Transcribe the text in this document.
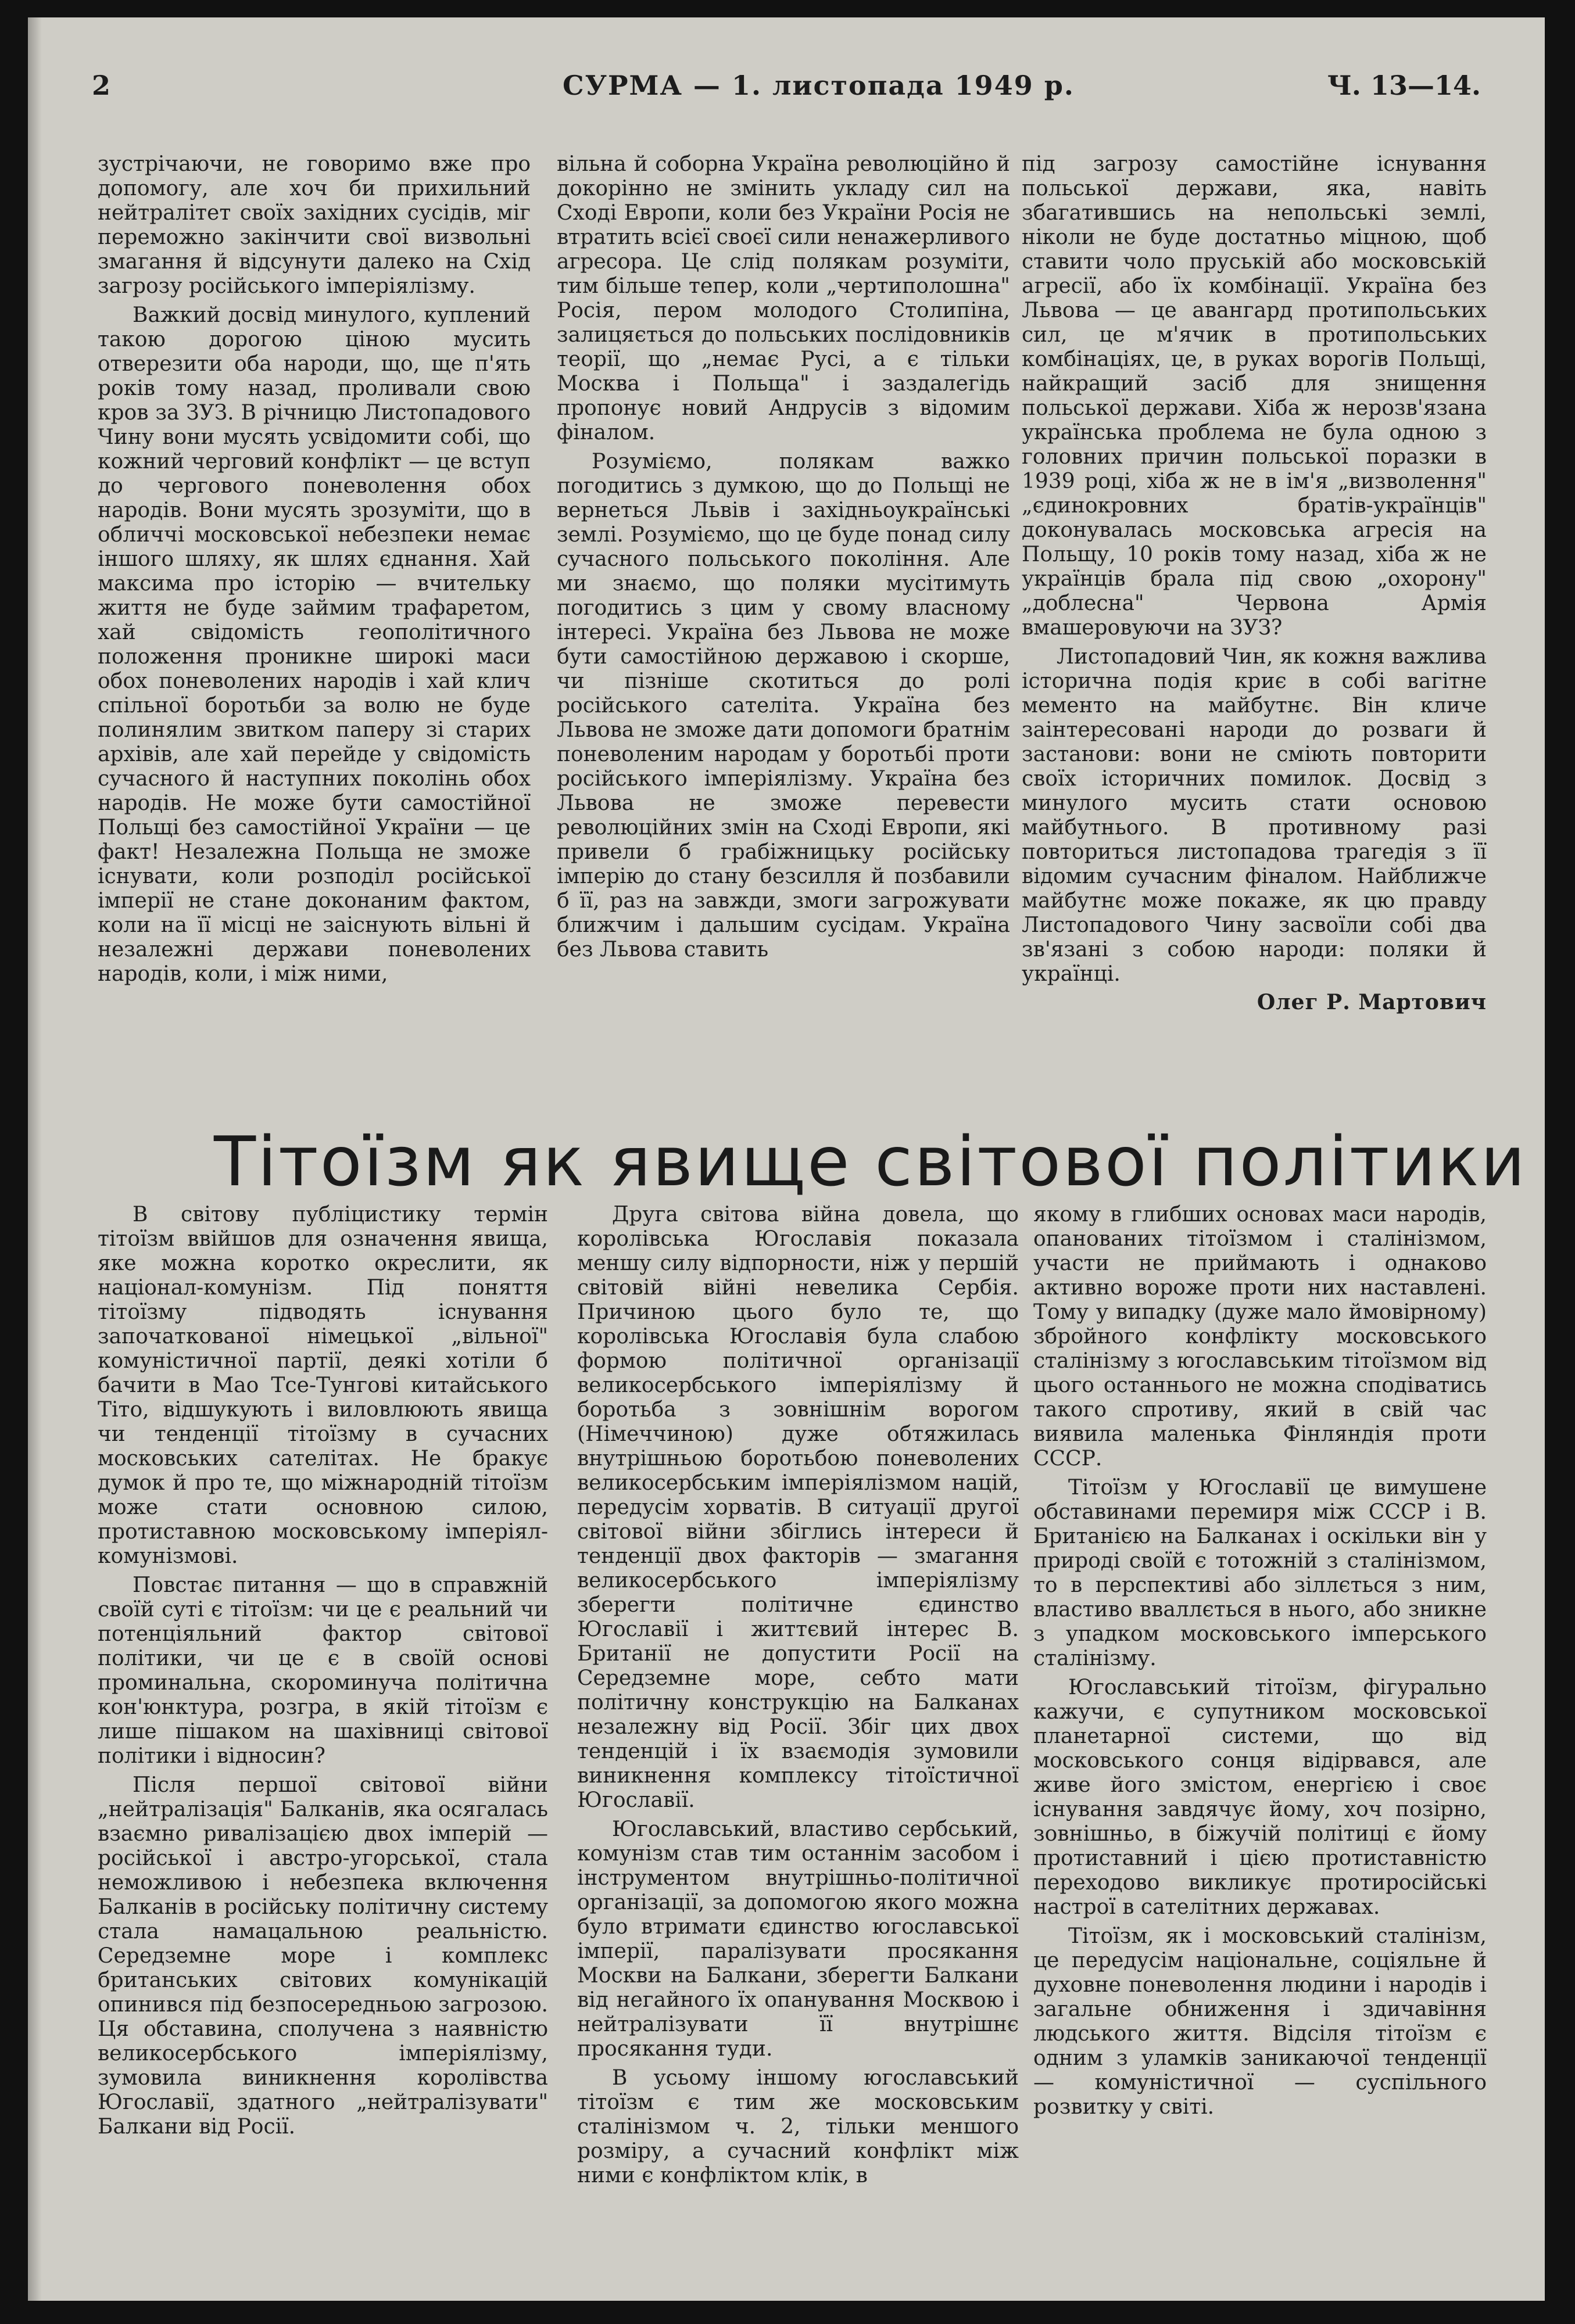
2	СУРМА — 1. листопада 1949 р.	Ч. 13—14.

зустрічаючи, не говоримо вже про допомогу, але хоч би прихильний нейтралітет своїх західних сусідів, міг переможно закінчити свої визвольні змагання й відсунути далеко на Схід загрозу російського імперіялізму.

Важкий досвід минулого, куплений такою дорогою ціною мусить отверезити оба народи, що, ще п'ять років тому назад, проливали свою кров за ЗУЗ. В річницю Листопадового Чину вони мусять усвідомити собі, що кожний черговий конфлікт — це вступ до чергового поневолення обох народів. Вони мусять зрозуміти, що в обличчі московської небезпеки немає іншого шляху, як шлях єднання. Хай максима про історію — вчительку життя не буде займим трафаретом, хай свідомість геополітичного положення проникне широкі маси обох поневолених народів і хай клич спільної боротьби за волю не буде полинялим звитком паперу зі старих архівів, але хай перейде у свідомість сучасного й наступних поколінь обох народів. Не може бути самостійної Польщі без самостійної України — це факт! Незалежна Польща не зможе існувати, коли розподіл російської імперії не стане доконаним фактом, коли на її місці не заіснують вільні й незалежні держави поневолених народів, коли, і між ними,

вільна й соборна Україна революційно й докорінно не змінить укладу сил на Сході Европи, коли без України Росія не втратить всієї своєї сили ненажерливого агресора. Це слід полякам розуміти, тим більше тепер, коли „чертиполошна" Росія, пером молодого Столипіна, залицяється до польських послідовників теорії, що „немає Русі, а є тільки Москва і Польща" і заздалегідь пропонує новий Андрусів з відомим фіналом.

Розуміємо, полякам важко погодитись з думкою, що до Польщі не вернеться Львів і західньоукраїнські землі. Розуміємо, що це буде понад силу сучасного польського покоління. Але ми знаємо, що поляки мусітимуть погодитись з цим у свому власному інтересі. Україна без Львова не може бути самостійною державою і скорше, чи пізніше скотиться до ролі російського сателіта. Україна без Львова не зможе дати допомоги братнім поневоленим народам у боротьбі проти російського імперіялізму. Україна без Львова не зможе перевести революційних змін на Сході Европи, які привели б грабіжницьку російську імперію до стану безсилля й позбавили б її, раз на завжди, змоги загрожувати ближчим і дальшим сусідам. Україна без Львова ставить

під загрозу самостійне існування польської держави, яка, навіть збагатившись на непольські землі, ніколи не буде достатньо міцною, щоб ставити чоло пруській або московській агресії, або їх комбінації. Україна без Львова — це авангард протипольських сил, це м'ячик в протипольських комбінаціях, це, в руках ворогів Польщі, найкращий засіб для знищення польської держави. Хіба ж нерозв'язана українська проблема не була одною з головних причин польської поразки в 1939 році, хіба ж не в ім'я „визволення" „єдинокровних братів-українців" доконувалась московська агресія на Польщу, 10 років тому назад, хіба ж не українців брала під свою „охорону" „доблесна" Червона Армія вмашеровуючи на ЗУЗ?

Листопадовий Чин, як кожня важлива історична подія криє в собі вагітне мементо на майбутнє. Він кличе заінтересовані народи до розваги й застанови: вони не сміють повторити своїх історичних помилок. Досвід з минулого мусить стати основою майбутнього. В противному разі повториться листопадова трагедія з її відомим сучасним фіналом. Найближче майбутнє може покаже, як цю правду Листопадового Чину засвоїли собі два зв'язані з собою народи: поляки й українці.

Олег Р. Мартович
Тітоїзм як явище світової політики

В світову публіцистику термін тітоїзм ввійшов для означення явища, яке можна коротко окреслити, як націонал-комунізм. Під поняття тітоїзму підводять існування започаткованої німецької „вільної" комуністичної партії, деякі хотіли б бачити в Мао Тсе-Тунгові китайського Тіто, відшукують і виловлюють явища чи тенденції тітоїзму в сучасних московських сателітах. Не бракує думок й про те, що міжнародній тітоїзм може стати основною силою, протиставною московському імперіял-комунізмові.

Повстає питання — що в справжній своїй суті є тітоїзм: чи це є реальний чи потенціяльний фактор світової політики, чи це є в своїй основі проминальна, скороминуча політична кон'юнктура, розгра, в якій тітоїзм є лише пішаком на шахівниці світової політики і відносин?

Після першої світової війни „нейтралізація" Балканів, яка осягалась взаємно ривалізацією двох імперій — російської і австро-угорської, стала неможливою і небезпека включення Балканів в російську політичну систему стала намацальною реальністю. Середземне море і комплекс британських світових комунікацій опинився під безпосередньою загрозою. Ця обставина, сполучена з наявністю великосербського імперіялізму, зумовила виникнення королівства Югославії, здатного „нейтралізувати" Балкани від Росії.

Друга світова війна довела, що королівська Югославія показала меншу силу відпорности, ніж у першій світовій війні невелика Сербія. Причиною цього було те, що королівська Югославія була слабою формою політичної організації великосербського імперіялізму й боротьба з зовнішнім ворогом (Німеччиною) дуже обтяжилась внутрішньою боротьбою поневолених великосербським імперіялізмом націй, передусім хорватів. В ситуації другої світової війни збіглись інтереси й тенденції двох факторів — змагання великосербського імперіялізму зберегти політичне єдинство Югославії і життєвий інтерес В. Британії не допустити Росії на Середземне море, себто мати політичну конструкцію на Балканах незалежну від Росії. Збіг цих двох тенденцій і їх взаємодія зумовили виникнення комплексу тітоїстичної Югославії.

Югославський, властиво сербський, комунізм став тим останнім засобом і інструментом внутрішньо-політичної організації, за допомогою якого можна було втримати єдинство югославської імперії, паралізувати просякання Москви на Балкани, зберегти Балкани від негайного їх опанування Москвою і нейтралізувати її внутрішнє просякання туди.

В усьому іншому югославський тітоїзм є тим же московським сталінізмом ч. 2, тільки меншого розміру, а сучасний конфлікт між ними є конфліктом клік, в

якому в глибших основах маси народів, опанованих тітоїзмом і сталінізмом, участи не приймають і однаково активно вороже проти них наставлені. Тому у випадку (дуже мало ймовірному) збройного конфлікту московського сталінізму з югославським тітоїзмом від цього останнього не можна сподіватись такого спротиву, який в свій час виявила маленька Фінляндія проти СССР.

Тітоїзм у Югославії це вимушене обставинами перемиря між СССР і В. Британією на Балканах і оскільки він у природі своїй є тотожній з сталінізмом, то в перспективі або зіллється з ним, властиво вваллється в нього, або зникне з упадком московського імперського сталінізму.

Югославський тітоїзм, фігурально кажучи, є супутником московської планетарної системи, що від московського сонця відірвався, але живе його змістом, енергією і своє існування завдячує йому, хоч позірно, зовнішньо, в біжучій політиці є йому протиставний і цією протиставністю переходово викликує протиросійські настрої в сателітних державах.

Тітоїзм, як і московський сталінізм, це передусім національне, соціяльне й духовне поневолення людини і народів і загальне обниження і здичавіння людського життя. Відсіля тітоїзм є одним з уламків заникаючої тенденції — комуністичної — суспільного розвитку у світі.
